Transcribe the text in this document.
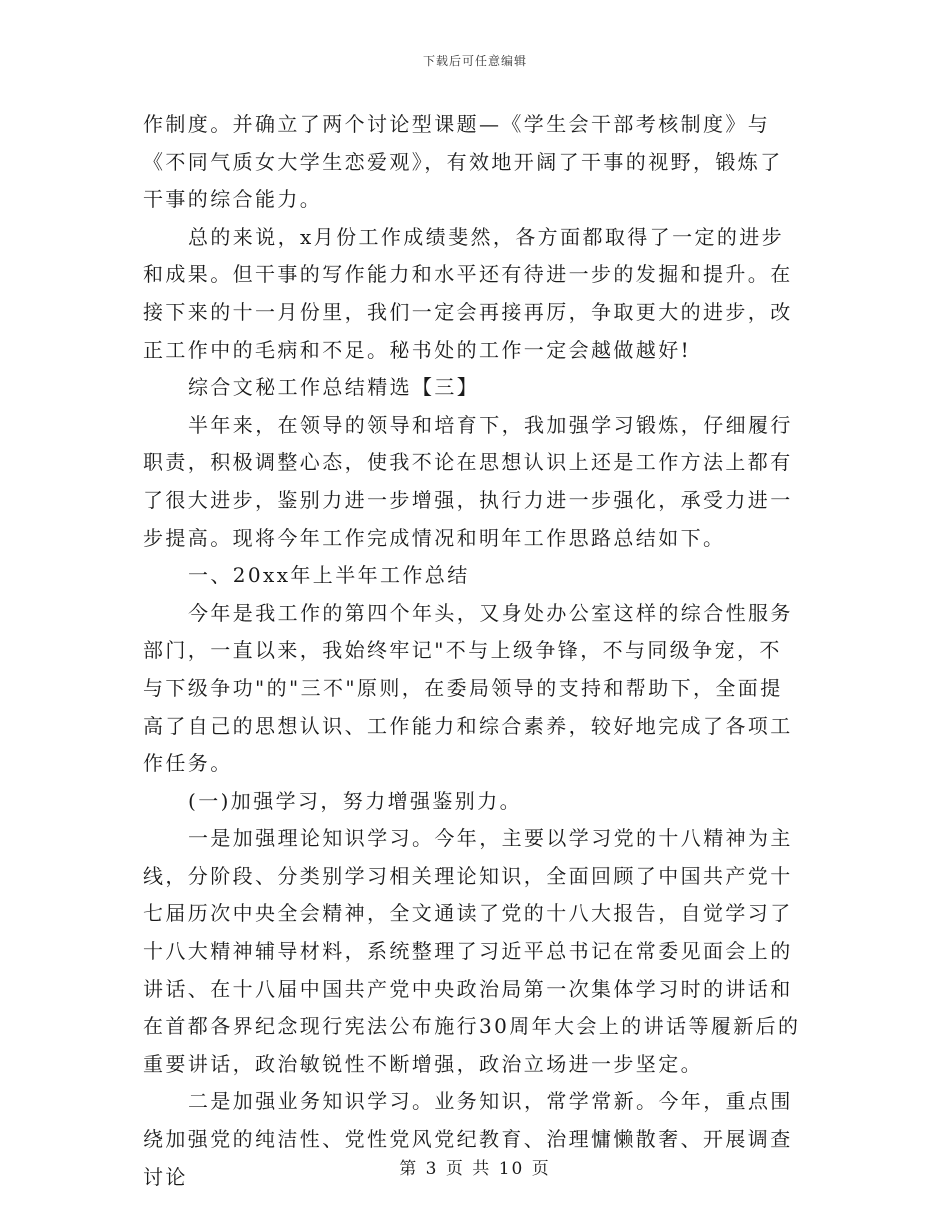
下载后可任意编辑

作制度。并确立了两个讨论型课题—《学生会干部考核制度》与《不同气质女大学生恋爱观》，有效地开阔了干事的视野，锻炼了干事的综合能力。

总的来说，x月份工作成绩斐然，各方面都取得了一定的进步和成果。但干事的写作能力和水平还有待进一步的发掘和提升。在接下来的十一月份里，我们一定会再接再厉，争取更大的进步，改正工作中的毛病和不足。秘书处的工作一定会越做越好!

综合文秘工作总结精选【三】

半年来，在领导的领导和培育下，我加强学习锻炼，仔细履行职责，积极调整心态，使我不论在思想认识上还是工作方法上都有了很大进步，鉴别力进一步增强，执行力进一步强化，承受力进一步提高。现将今年工作完成情况和明年工作思路总结如下。

一、20xx年上半年工作总结

今年是我工作的第四个年头，又身处办公室这样的综合性服务部门，一直以来，我始终牢记"不与上级争锋，不与同级争宠，不与下级争功"的"三不"原则，在委局领导的支持和帮助下，全面提高了自己的思想认识、工作能力和综合素养，较好地完成了各项工作任务。

(一)加强学习，努力增强鉴别力。

一是加强理论知识学习。今年，主要以学习党的十八精神为主线，分阶段、分类别学习相关理论知识，全面回顾了中国共产党十七届历次中央全会精神，全文通读了党的十八大报告，自觉学习了十八大精神辅导材料，系统整理了习近平总书记在常委见面会上的讲话、在十八届中国共产党中央政治局第一次集体学习时的讲话和在首都各界纪念现行宪法公布施行30周年大会上的讲话等履新后的重要讲话，政治敏锐性不断增强，政治立场进一步坚定。

二是加强业务知识学习。业务知识，常学常新。今年，重点围绕加强党的纯洁性、党性党风党纪教育、治理慵懒散奢、开展调查讨论	第 3 页 共 10 页
